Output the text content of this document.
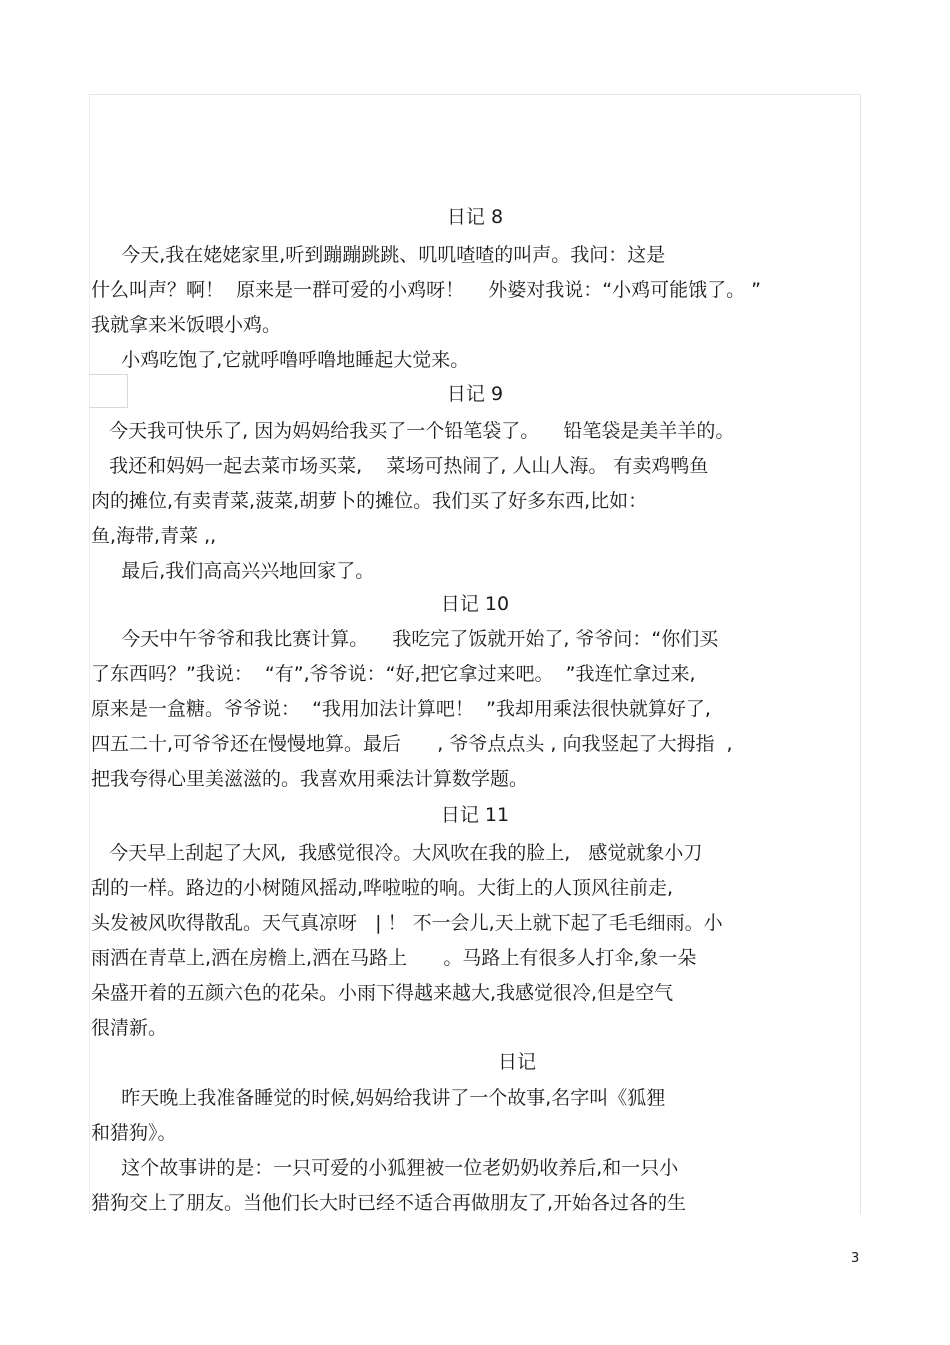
日记 8

今天,我在姥姥家里,听到蹦蹦跳跳、叽叽喳喳的叫声。我问：这是

什么叫声？啊！  原来是一群可爱的小鸡呀！    外婆对我说：“小鸡可能饿了。 ”

我就拿来米饭喂小鸡。

小鸡吃饱了,它就呼噜呼噜地睡起大觉来。

日记 9

今天我可快乐了, 因为妈妈给我买了一个铅笔袋了。    铅笔袋是美羊羊的。

我还和妈妈一起去菜市场买菜,    菜场可热闹了, 人山人海。 有卖鸡鸭鱼

肉的摊位,有卖青菜,菠菜,胡萝卜的摊位。我们买了好多东西,比如：

鱼,海带,青菜 ,,

最后,我们高高兴兴地回家了。

日记 10

今天中午爷爷和我比赛计算。    我吃完了饭就开始了, 爷爷问：“你们买

了东西吗？”我说：  “有”,爷爷说：“好,把它拿过来吧。  ”我连忙拿过来,

原来是一盒糖。爷爷说：  “我用加法计算吧！  ”我却用乘法很快就算好了,

四五二十,可爷爷还在慢慢地算。最后      , 爷爷点点头 , 向我竖起了大拇指  ,

把我夸得心里美滋滋的。我喜欢用乘法计算数学题。

日记 11

今天早上刮起了大风,  我感觉很冷。大风吹在我的脸上,   感觉就象小刀

刮的一样。路边的小树随风摇动,哗啦啦的响。大街上的人顶风往前走,

头发被风吹得散乱。天气真凉呀   | ！ 不一会儿,天上就下起了毛毛细雨。小

雨洒在青草上,洒在房檐上,洒在马路上      。马路上有很多人打伞,象一朵

朵盛开着的五颜六色的花朵。小雨下得越来越大,我感觉很冷,但是空气

很清新。

日记

昨天晚上我准备睡觉的时候,妈妈给我讲了一个故事,名字叫《狐狸

和猎狗》。

这个故事讲的是：一只可爱的小狐狸被一位老奶奶收养后,和一只小

猎狗交上了朋友。当他们长大时已经不适合再做朋友了,开始各过各的生

3
